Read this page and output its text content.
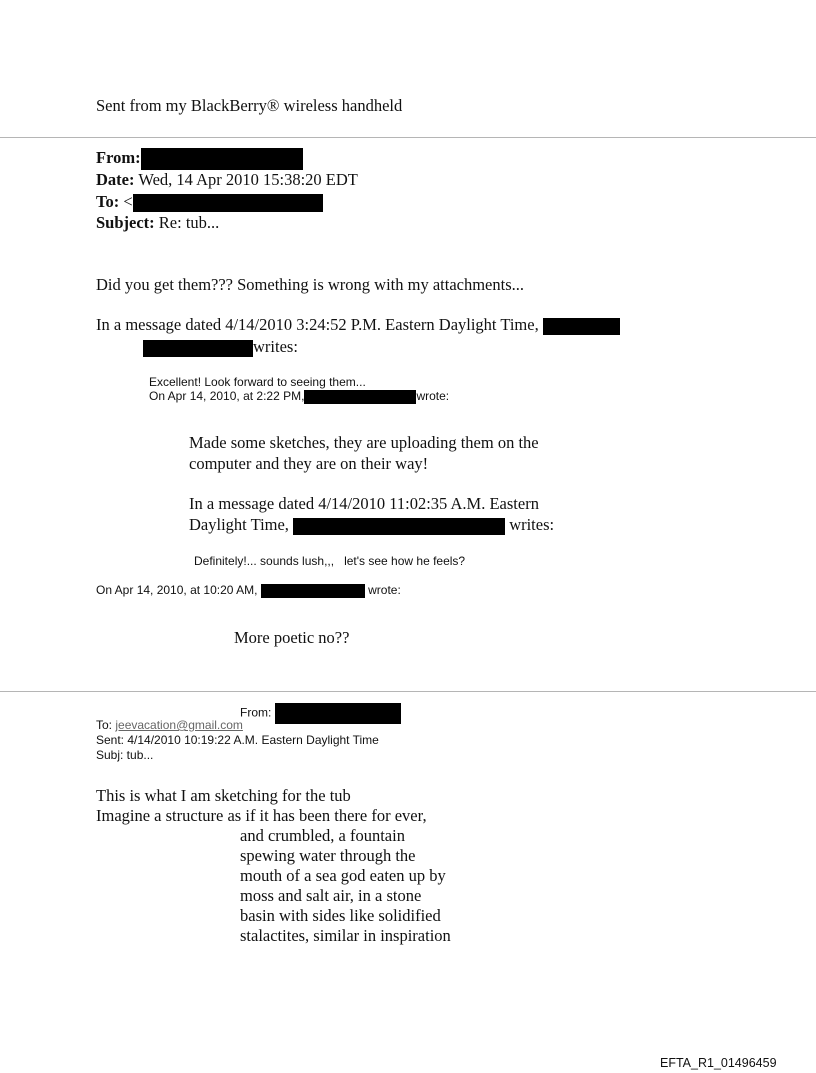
Sent from my BlackBerry® wireless handheld
From:
Date: Wed, 14 Apr 2010 15:38:20 EDT
To: <
Subject: Re: tub...
Did you get them??? Something is wrong with my attachments...
In a message dated 4/14/2010 3:24:52 P.M. Eastern Daylight Time,
writes:
Excellent! Look forward to seeing them...
On Apr 14, 2010, at 2:22 PM,	wrote:
Made some sketches, they are uploading them on the
computer and they are on their way!
In a message dated 4/14/2010 11:02:35 A.M. Eastern
Daylight Time,	writes:
Definitely!... sounds lush,,,   let's see how he feels?
On Apr 14, 2010, at 10:20 AM,	wrote:
More poetic no??
From:
To: jeevacation@gmail.com
Sent: 4/14/2010 10:19:22 A.M. Eastern Daylight Time
Subj: tub...
This is what I am sketching for the tub
Imagine a structure as if it has been there for ever,
and crumbled, a fountain
spewing water through the
mouth of a sea god eaten up by
moss and salt air, in a stone
basin with sides like solidified
stalactites, similar in inspiration
EFTA_R1_01496459
